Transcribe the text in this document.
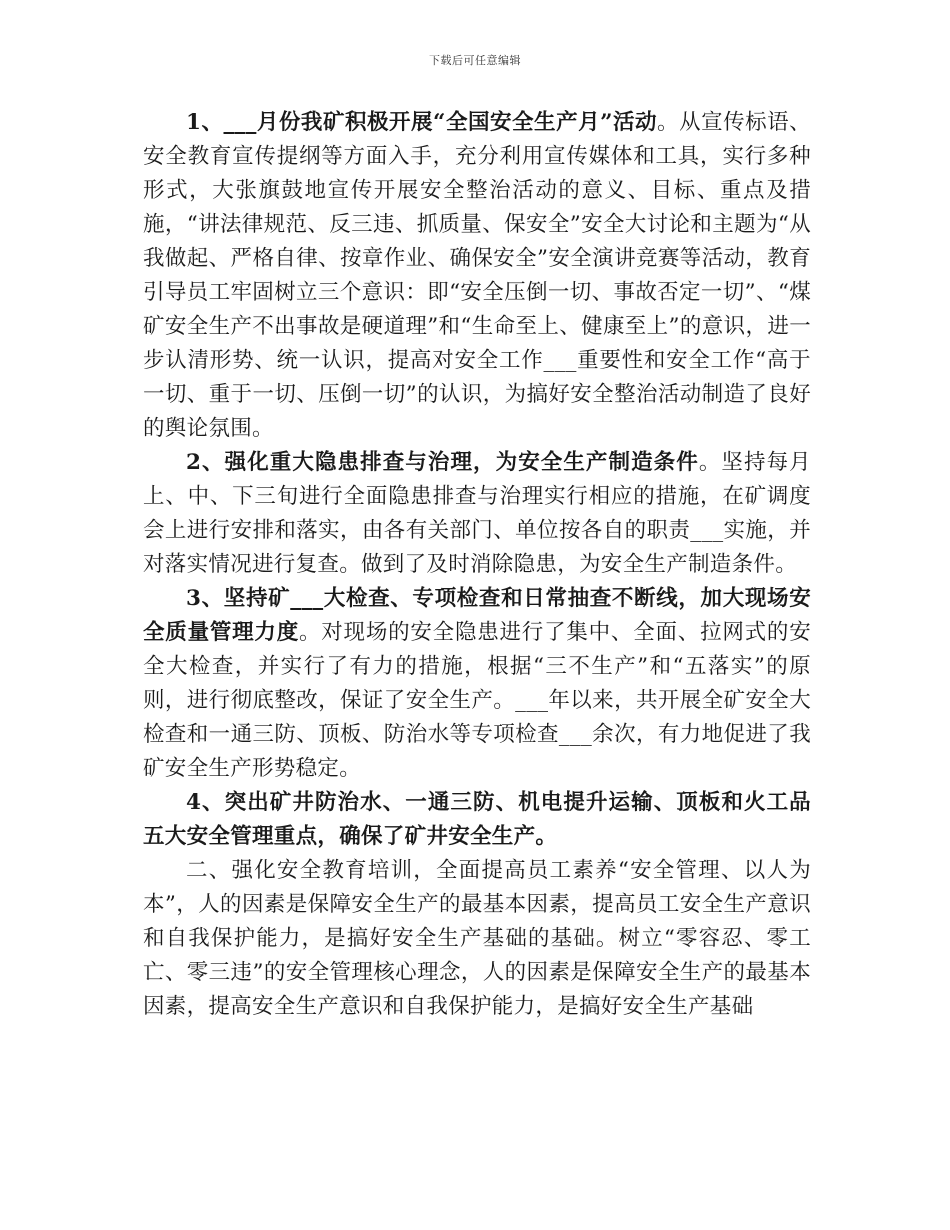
下载后可任意编辑

1、___月份我矿积极开展“全国安全生产月”活动。从宣传标语、安全教育宣传提纲等方面入手，充分利用宣传媒体和工具，实行多种形式，大张旗鼓地宣传开展安全整治活动的意义、目标、重点及措施，“讲法律规范、反三违、抓质量、保安全”安全大讨论和主题为“从我做起、严格自律、按章作业、确保安全”安全演讲竞赛等活动，教育引导员工牢固树立三个意识：即“安全压倒一切、事故否定一切”、“煤矿安全生产不出事故是硬道理”和“生命至上、健康至上”的意识，进一步认清形势、统一认识，提高对安全工作___重要性和安全工作“高于一切、重于一切、压倒一切”的认识，为搞好安全整治活动制造了良好的舆论氛围。

2、强化重大隐患排查与治理，为安全生产制造条件。坚持每月上、中、下三旬进行全面隐患排查与治理实行相应的措施，在矿调度会上进行安排和落实，由各有关部门、单位按各自的职责___实施，并对落实情况进行复查。做到了及时消除隐患，为安全生产制造条件。

3、坚持矿___大检查、专项检查和日常抽查不断线，加大现场安全质量管理力度。对现场的安全隐患进行了集中、全面、拉网式的安全大检查，并实行了有力的措施，根据“三不生产”和“五落实”的原则，进行彻底整改，保证了安全生产。___年以来，共开展全矿安全大检查和一通三防、顶板、防治水等专项检查___余次，有力地促进了我矿安全生产形势稳定。

4、突出矿井防治水、一通三防、机电提升运输、顶板和火工品五大安全管理重点，确保了矿井安全生产。

二、强化安全教育培训，全面提高员工素养“安全管理、以人为本”，人的因素是保障安全生产的最基本因素，提高员工安全生产意识和自我保护能力，是搞好安全生产基础的基础。树立“零容忍、零工亡、零三违”的安全管理核心理念，人的因素是保障安全生产的最基本因素，提高安全生产意识和自我保护能力，是搞好安全生产基础
